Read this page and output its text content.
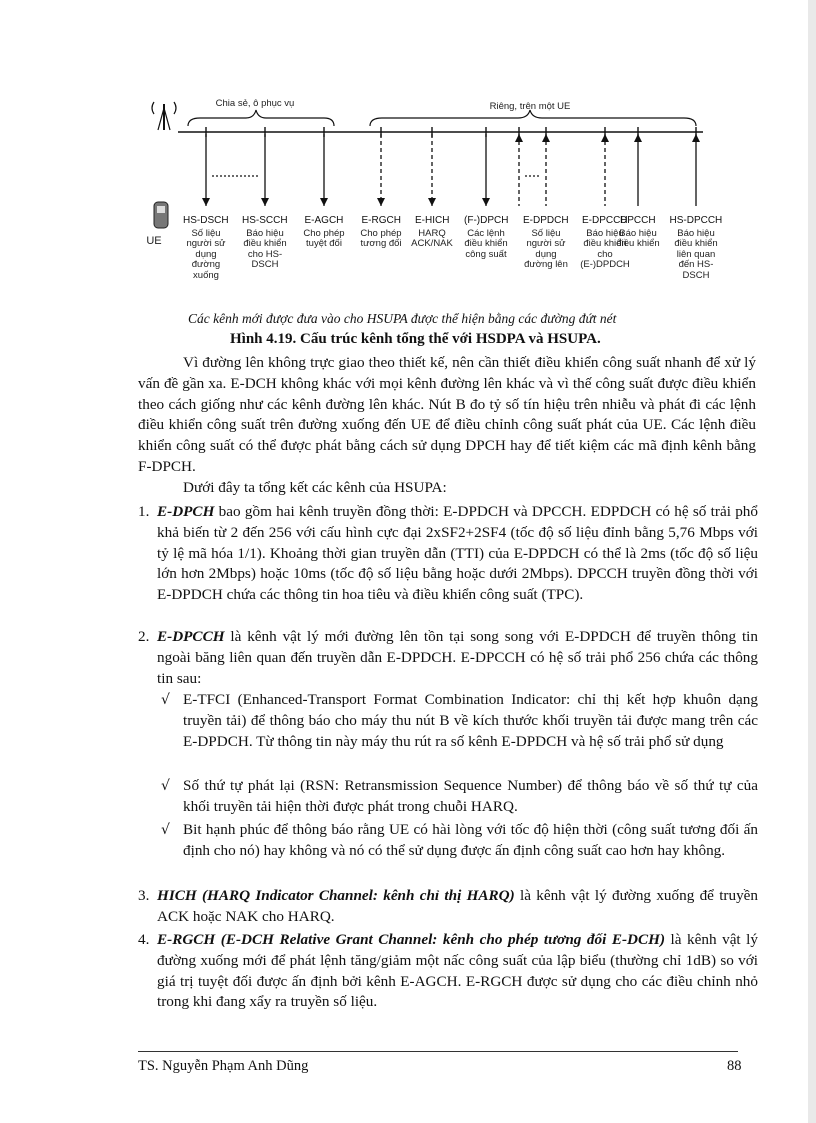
Chia sẻ, ô phục vụ	Riêng, trên một UE
UE
HS-DSCH
Số liệu người sử dụng đường xuống
HS-SCCH
Báo hiệu điều khiển cho HS-DSCH
E-AGCH
Cho phép tuyệt đối
E-RGCH
Cho phép tương đối
E-HICH
HARQ ACK/NAK
(F-)DPCH
Các lệnh điều khiển công suất
E-DPDCH
Số liệu người sử dụng đường lên
E-DPCCH
Báo hiệu điều khiển cho (E-)DPDCH
DPCCH
Báo hiệu điều khiển
HS-DPCCH
Báo hiệu điều khiển liên quan đến HS-DSCH
Các kênh mới được đưa vào cho HSUPA được thể hiện bằng các đường đứt nét
Hình 4.19. Cấu trúc kênh tổng thể với HSDPA và HSUPA.

Vì đường lên không trực giao theo thiết kế, nên cần thiết điều khiển công suất nhanh để xử lý vấn đề gần xa. E-DCH không khác với mọi kênh đường lên khác và vì thế công suất được điều khiển theo cách giống như các kênh đường lên khác. Nút B đo tỷ số tín hiệu trên nhiễu và phát đi các lệnh điều khiển công suất trên đường xuống đến UE để điều chỉnh công suất phát của UE. Các lệnh điều khiển công suất có thể được phát bằng cách sử dụng DPCH hay để tiết kiệm các mã định kênh bằng F-DPCH.

Dưới đây ta tổng kết các kênh của HSUPA:

1. E-DPCH bao gồm hai kênh truyền đồng thời: E-DPDCH và DPCCH. EDPDCH có hệ số trải phổ khả biến từ 2 đến 256 với cấu hình cực đại 2xSF2+2SF4 (tốc độ số liệu đỉnh bằng 5,76 Mbps với tỷ lệ mã hóa 1/1). Khoảng thời gian truyền dẫn (TTI) của E-DPDCH có thể là 2ms (tốc độ số liệu lớn hơn 2Mbps) hoặc 10ms (tốc độ số liệu bằng hoặc dưới 2Mbps). DPCCH truyền đồng thời với E-DPDCH chứa các thông tin hoa tiêu và điều khiển công suất (TPC).
2. E-DPCCH là kênh vật lý mới đường lên tồn tại song song với E-DPDCH để truyền thông tin ngoài băng liên quan đến truyền dẫn E-DPDCH. E-DPCCH có hệ số trải phổ 256 chứa các thông tin sau:
√ E-TFCI (Enhanced-Transport Format Combination Indicator: chỉ thị kết hợp khuôn dạng truyền tải) để thông báo cho máy thu nút B về kích thước khối truyền tải được mang trên các E-DPDCH. Từ thông tin này máy thu rút ra số kênh E-DPDCH và hệ số trải phổ sử dụng
√ Số thứ tự phát lại (RSN: Retransmission Sequence Number) để thông báo về số thứ tự của khối truyền tải hiện thời được phát trong chuỗi HARQ.
√ Bit hạnh phúc để thông báo rằng UE có hài lòng với tốc độ hiện thời (công suất tương đối ấn định cho nó) hay không và nó có thể sử dụng được ấn định công suất cao hơn hay không.
3. HICH (HARQ Indicator Channel: kênh chỉ thị HARQ) là kênh vật lý đường xuống để truyền ACK hoặc NAK cho HARQ.
4. E-RGCH (E-DCH Relative Grant Channel: kênh cho phép tương đối E-DCH) là kênh vật lý đường xuống mới để phát lệnh tăng/giảm một nấc công suất của lập biểu (thường chỉ 1dB) so với giá trị tuyệt đối được ấn định bởi kênh E-AGCH. E-RGCH được sử dụng cho các điều chỉnh nhỏ trong khi đang xẩy ra truyền số liệu.
TS. Nguyễn Phạm Anh Dũng	88
